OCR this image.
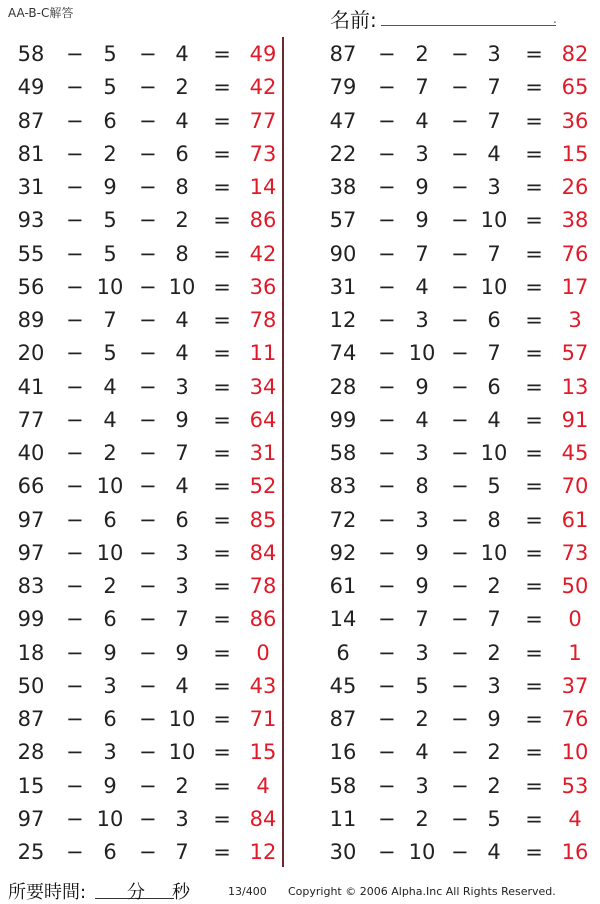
AA-B-C解答	名前:	.
58 − 5	− 4	= 49
49 − 5	− 2	= 42
87 − 6	− 4	= 77
81 − 2	− 6	= 73
31 − 9	− 8	= 14
93 − 5	− 2	= 86
55 − 5	− 8	= 42
56 − 10 − 10 = 36
89 − 7	− 4	= 78
20 − 5	− 4	= 11
41 − 4	− 3	= 34
77 − 4	− 9	= 64
40 − 2	− 7	= 31
66 − 10 − 4	= 52
97 − 6	− 6	= 85
97 − 10 − 3	= 84
83 − 2	− 3	= 78
99 − 6	− 7	= 86
18 − 9	− 9	=	0
50 − 3	− 4	= 43
87 − 6	− 10 = 71
28 − 3	− 10 = 15
15 − 9	− 2	=	4
97 − 10 − 3	= 84
25 − 6	− 7	= 12
87 − 2	− 3	= 82
79 − 7	− 7	= 65
47 − 4	− 7	= 36
22 − 3	− 4	= 15
38 − 9	− 3	= 26
57 − 9	− 10 = 38
90 − 7	− 7	= 76
31 − 4	− 10 = 17
12 − 3	− 6	=	3
74 − 10 − 7	= 57
28 − 9	− 6	= 13
99 − 4	− 4	= 91
58 − 3	− 10 = 45
83 − 8	− 5	= 70
72 − 3	− 8	= 61
92 − 9	− 10 = 73
61 − 9	− 2	= 50
14 − 7	− 7	=	0
6	− 3	− 2	=	1
45 − 5	− 3	= 37
87 − 2	− 9	= 76
16 − 4	− 2	= 10
58 − 3	− 2	= 53
11 − 2	− 5	=	4
30 − 10 − 4	= 16
所要時間: 分 秒	13/400 Copyright © 2006 Alpha.Inc All Rights Reserved.
